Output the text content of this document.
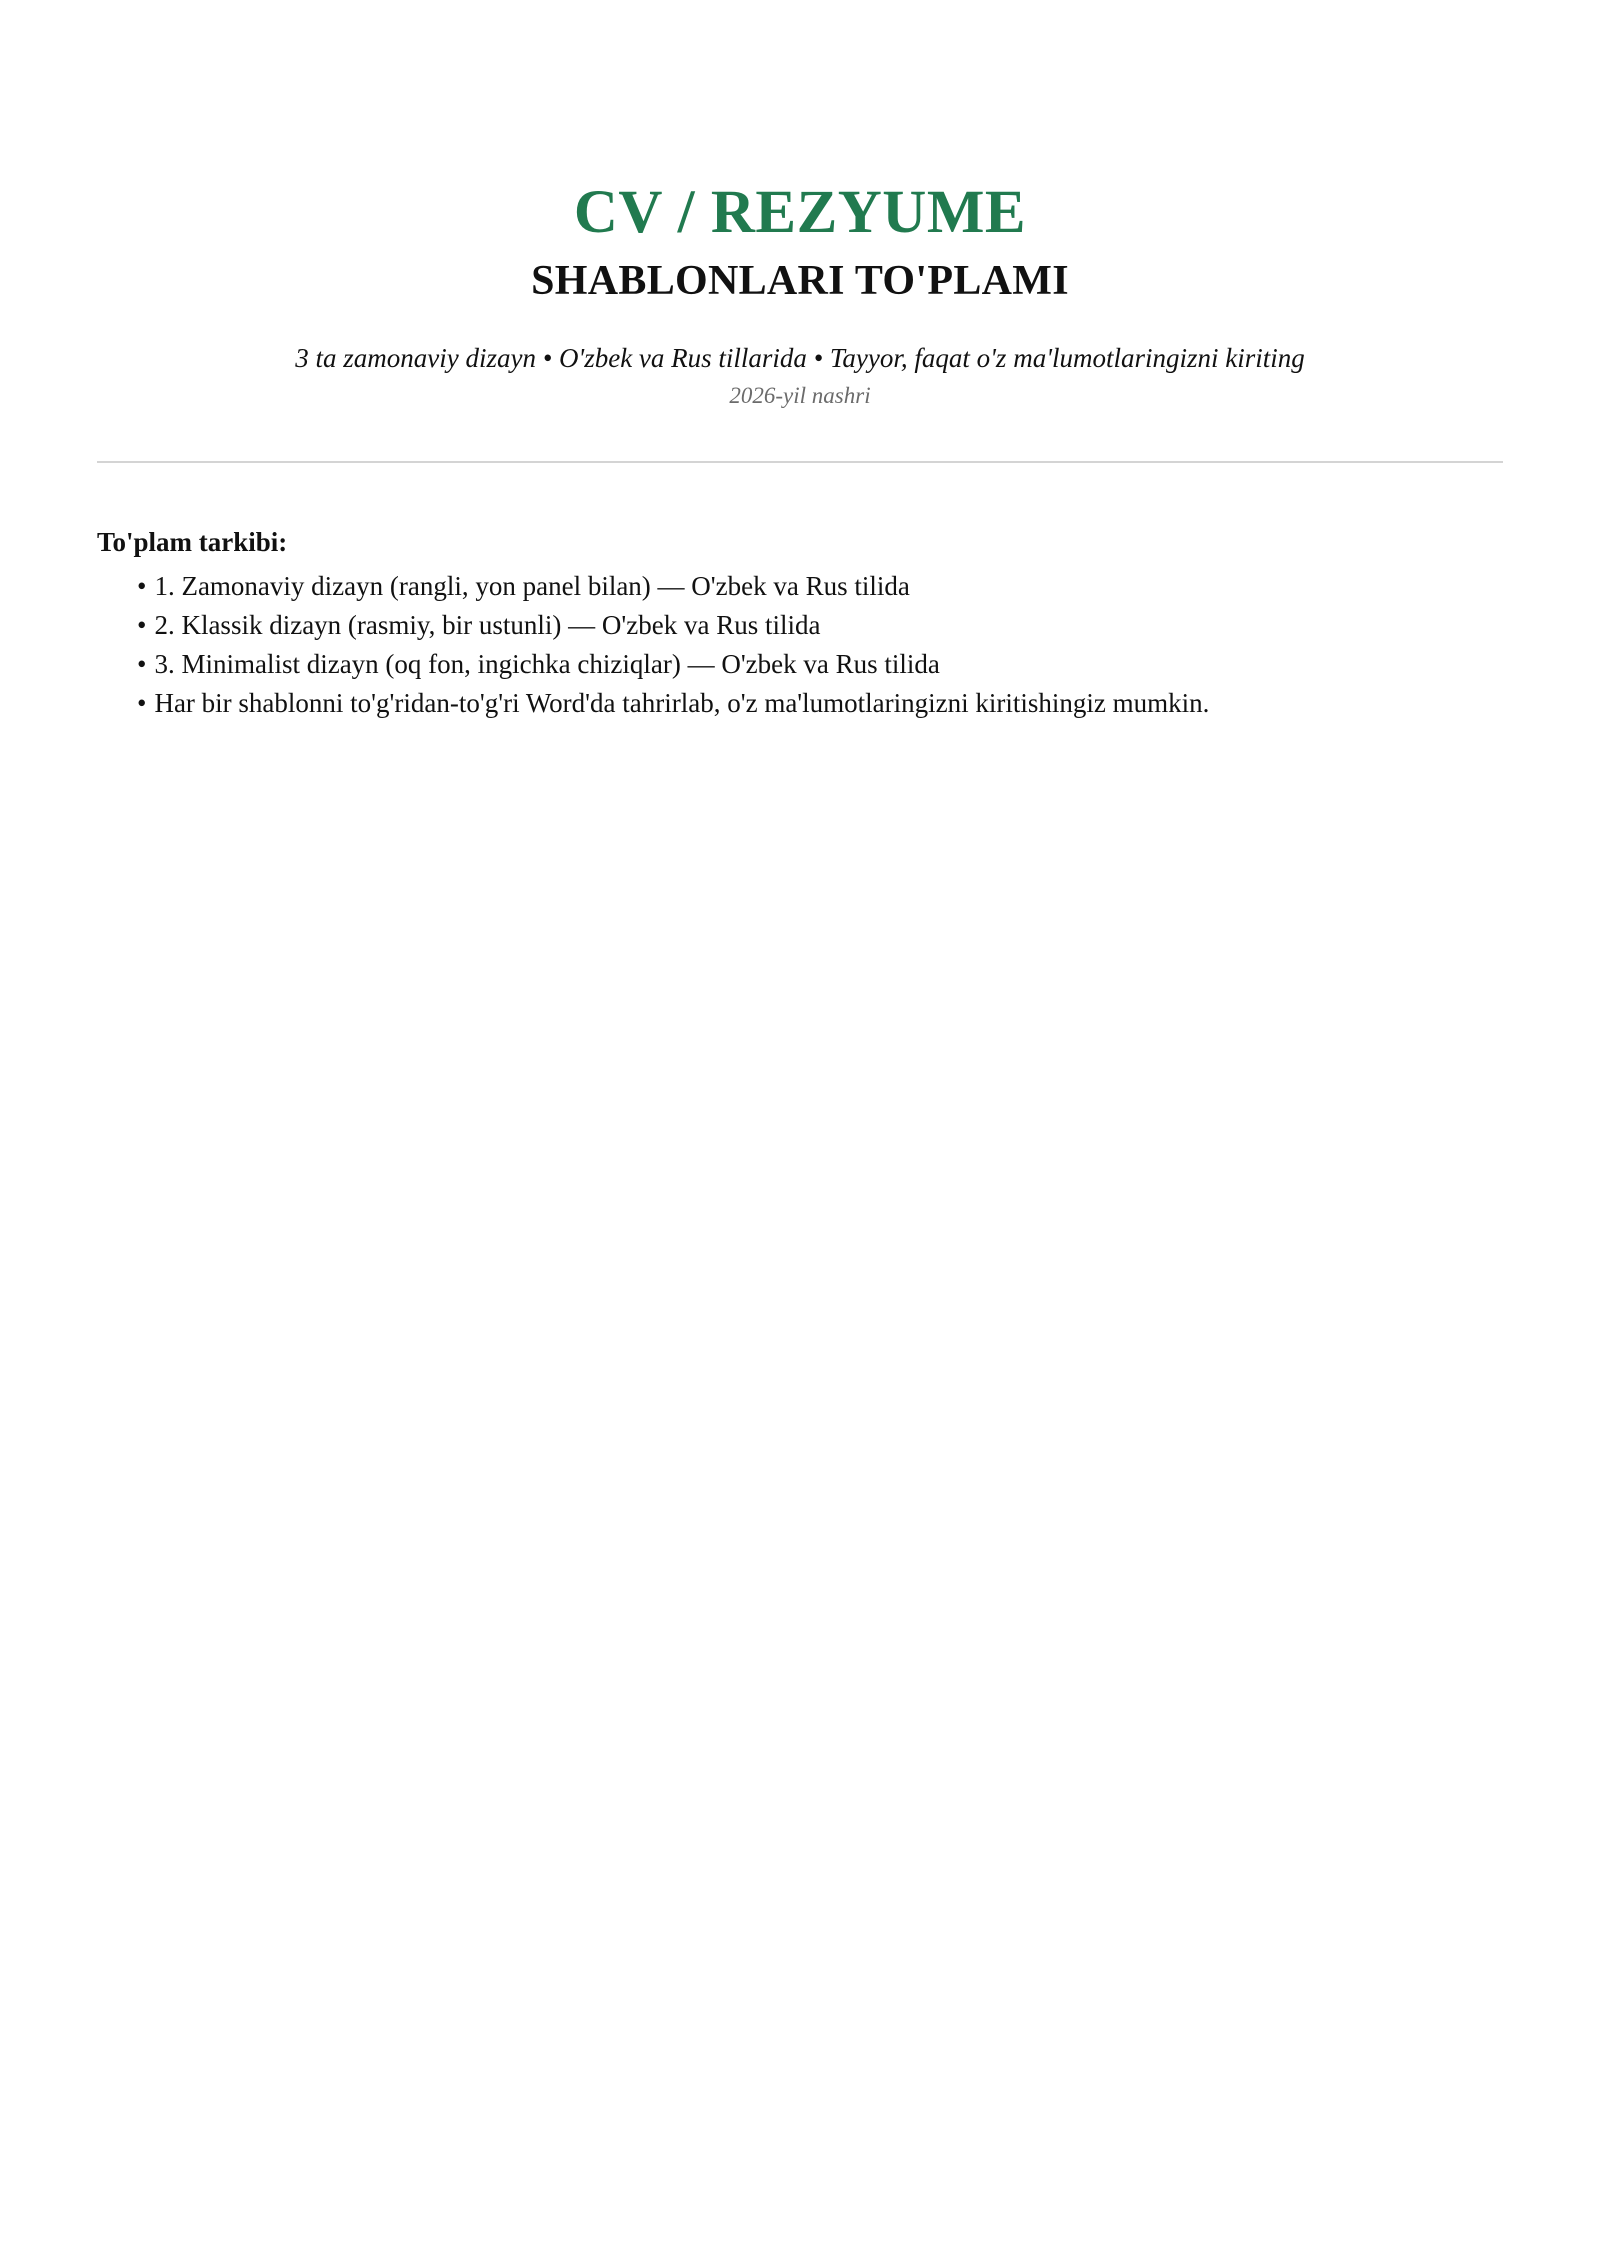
CV / REZYUME
SHABLONLARI TO'PLAMI

3 ta zamonaviy dizayn • O'zbek va Rus tillarida • Tayyor, faqat o'z ma'lumotlaringizni kiriting

2026-yil nashri

To'plam tarkibi:

• 1. Zamonaviy dizayn (rangli, yon panel bilan) — O'zbek va Rus tilida
• 2. Klassik dizayn (rasmiy, bir ustunli) — O'zbek va Rus tilida
• 3. Minimalist dizayn (oq fon, ingichka chiziqlar) — O'zbek va Rus tilida
• Har bir shablonni to'g'ridan-to'g'ri Word'da tahrirlab, o'z ma'lumotlaringizni kiritishingiz mumkin.
